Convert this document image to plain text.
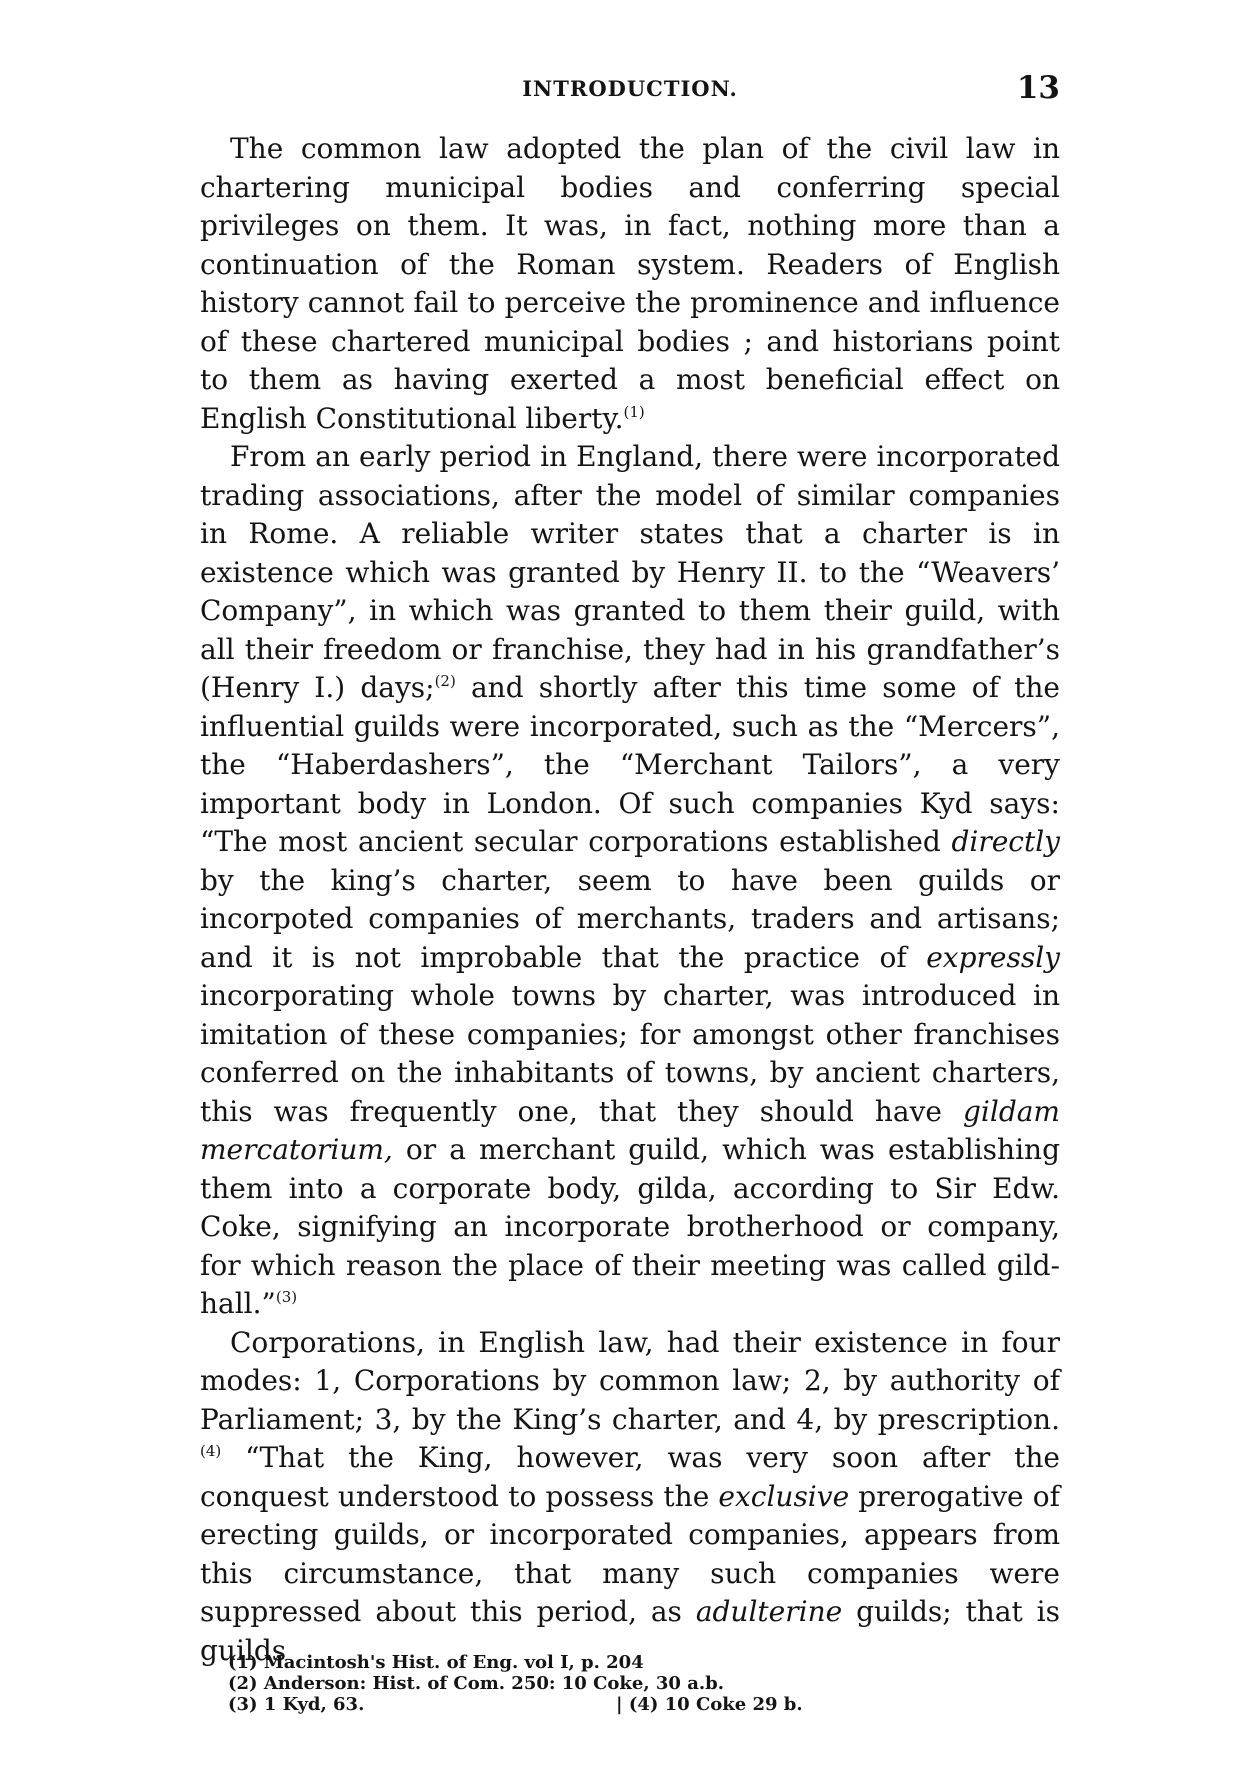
INTRODUCTION.	13

The common law adopted the plan of the civil law in chartering municipal bodies and conferring special privileges on them. It was, in fact, nothing more than a continuation of the Roman system. Readers of English history cannot fail to perceive the prominence and influence of these chartered municipal bodies ; and historians point to them as having exerted a most beneficial effect on English Constitutional liberty.$^{(1)}$

From an early period in England, there were incorporated trading associations, after the model of similar companies in Rome. A reliable writer states that a charter is in existence which was granted by Henry II. to the “Weavers’ Company”, in which was granted to them their guild, with all their freedom or franchise, they had in his grandfather’s (Henry I.) days;$^{(2)}$ and shortly after this time some of the influential guilds were incorporated, such as the “Mercers”, the “Haberdashers”, the “Merchant Tailors”, a very important body in London. Of such companies Kyd says: “The most ancient secular corporations established directly by the king’s charter, seem to have been guilds or incorpoted companies of merchants, traders and artisans; and it is not improbable that the practice of expressly incorporating whole towns by charter, was introduced in imitation of these companies; for amongst other franchises conferred on the inhabitants of towns, by ancient charters, this was frequently one, that they should have gildam mercatorium, or a merchant guild, which was establishing them into a corporate body, gilda, according to Sir Edw. Coke, signifying an incorporate brotherhood or company, for which reason the place of their meeting was called gild-hall.”$^{(3)}$

Corporations, in English law, had their existence in four modes: 1, Corporations by common law; 2, by authority of Parliament; 3, by the King’s charter, and 4, by prescription.$^{(4)}$ “That the King, however, was very soon after the conquest understood to possess the exclusive prerogative of erecting guilds, or incorporated companies, appears from this circumstance, that many such companies were suppressed about this period, as adulterine guilds; that is guilds

(1) Macintosh's Hist. of Eng. vol I, p. 204
(2) Anderson: Hist. of Com. 250: 10 Coke, 30 a.b.
(3) 1 Kyd, 63.	| (4) 10 Coke 29 b.
